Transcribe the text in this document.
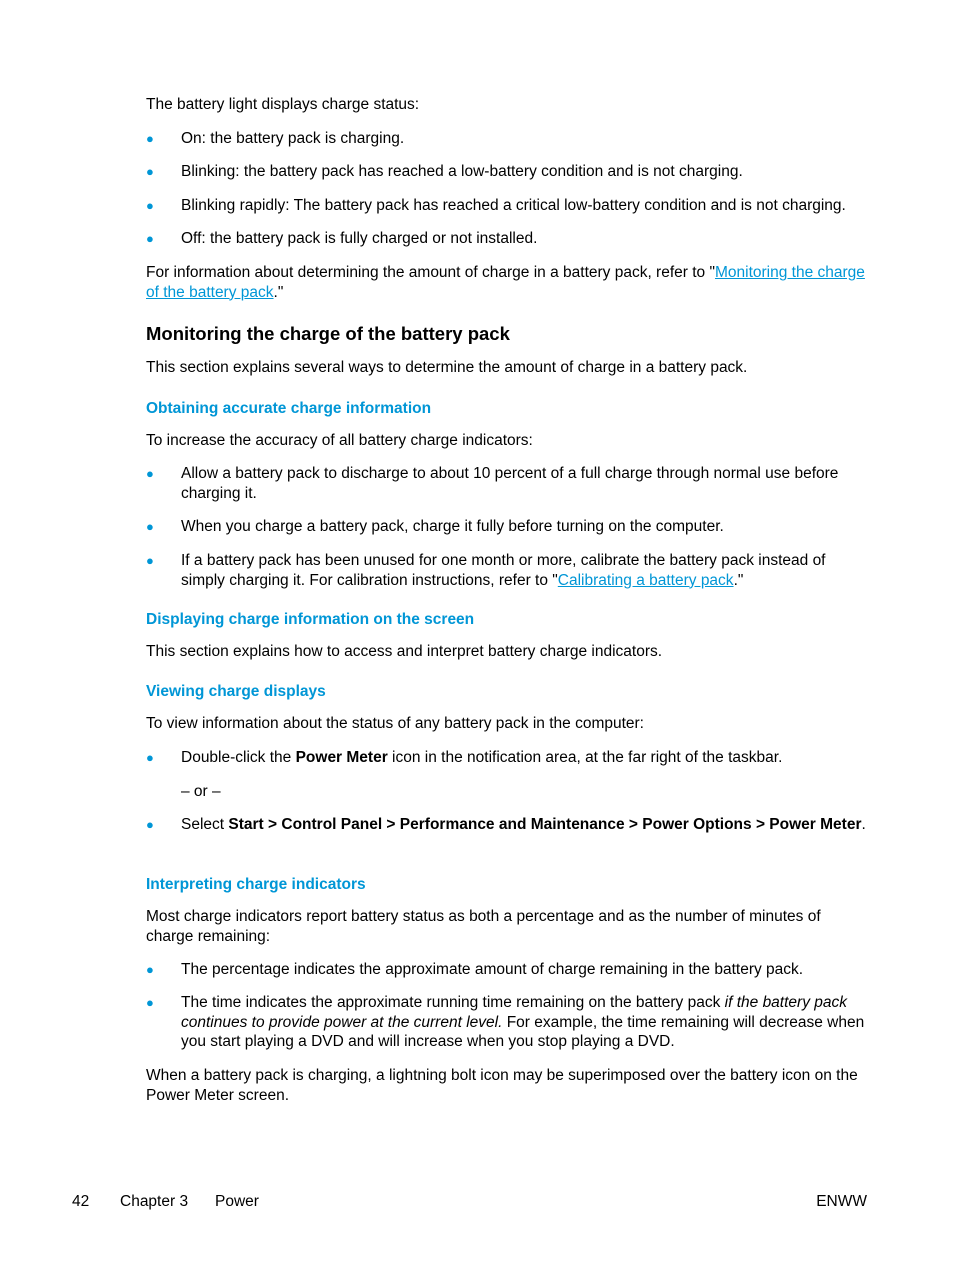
The battery light displays charge status:

● On: the battery pack is charging.
● Blinking: the battery pack has reached a low-battery condition and is not charging.
● Blinking rapidly: The battery pack has reached a critical low-battery condition and is not charging.
● Off: the battery pack is fully charged or not installed.

For information about determining the amount of charge in a battery pack, refer to "Monitoring the charge of the battery pack."

Monitoring the charge of the battery pack

This section explains several ways to determine the amount of charge in a battery pack.

Obtaining accurate charge information

To increase the accuracy of all battery charge indicators:

● Allow a battery pack to discharge to about 10 percent of a full charge through normal use before charging it.
● When you charge a battery pack, charge it fully before turning on the computer.
● If a battery pack has been unused for one month or more, calibrate the battery pack instead of simply charging it. For calibration instructions, refer to "Calibrating a battery pack."
Displaying charge information on the screen

This section explains how to access and interpret battery charge indicators.

Viewing charge displays

To view information about the status of any battery pack in the computer:

● Double-click the Power Meter icon in the notification area, at the far right of the taskbar.

– or –

● Select Start > Control Panel > Performance and Maintenance > Power Options > Power Meter.
Interpreting charge indicators

Most charge indicators report battery status as both a percentage and as the number of minutes of charge remaining:

● The percentage indicates the approximate amount of charge remaining in the battery pack.
● The time indicates the approximate running time remaining on the battery pack if the battery pack continues to provide power at the current level. For example, the time remaining will decrease when you start playing a DVD and will increase when you stop playing a DVD.

When a battery pack is charging, a lightning bolt icon may be superimposed over the battery icon on the Power Meter screen.

42 Chapter 3 Power	ENWW
